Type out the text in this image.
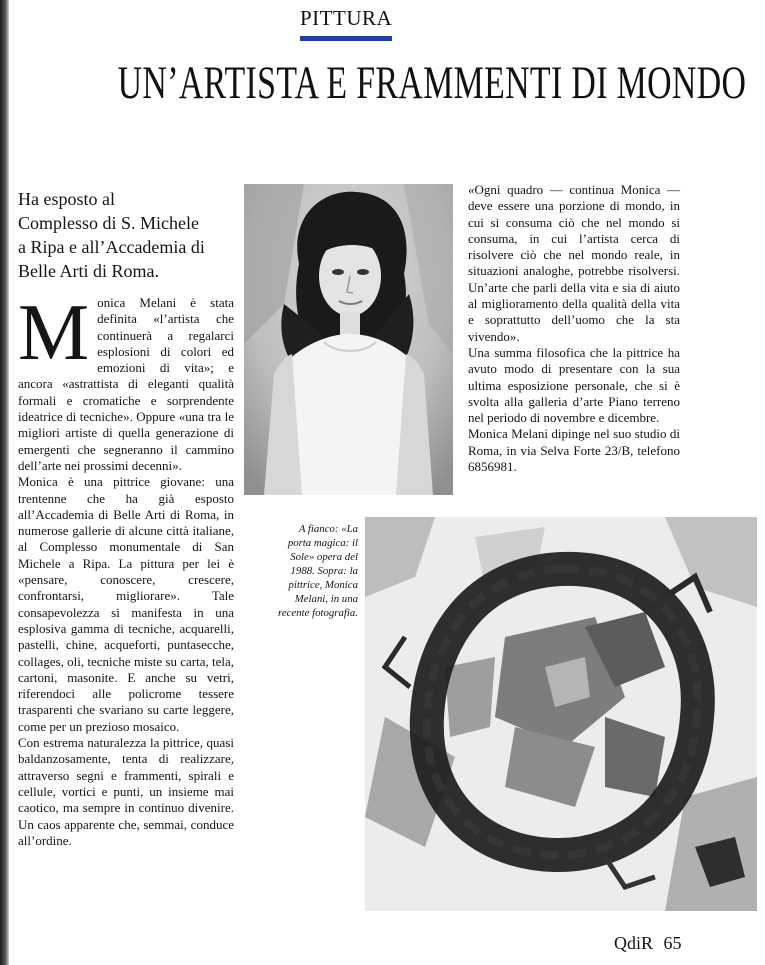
PITTURA
UN’ARTISTA E FRAMMENTI DI MONDO
Ha esposto al
Complesso di S. Michele
a Ripa e all’Accademia di
Belle Arti di Roma.
M onica Melani è stata definita «l’artista che continuerà a regalarci esplosioni di colori ed emozioni di vita»; e ancora «astrattista di eleganti qualità formali e cromatiche e sorprendente ideatrice di tecniche». Oppure «una tra le migliori artiste di quella generazione di emergenti che segneranno il cammino dell’arte nei prossimi decenni».

Monica è una pittrice giovane: una trentenne che ha già esposto all’Accademia di Belle Arti di Roma, in numerose gallerie di alcune città italiane, al Complesso monumentale di San Michele a Ripa. La pittura per lei è «pensare, conoscere, crescere, confrontarsi, migliorare». Tale consapevolezza si manifesta in una esplosiva gamma di tecniche, acquarelli, pastelli, chine, acqueforti, puntasecche, collages, oli, tecniche miste su carta, tela, cartoni, masonite. E anche su vetri, riferendoci alle policrome tessere trasparenti che svariano su carte leggere, come per un prezioso mosaico.

Con estrema naturalezza la pittrice, quasi baldanzosamente, tenta di realizzare, attraverso segni e frammenti, spirali e cellule, vortici e punti, un insieme mai caotico, ma sempre in continuo divenire. Un caos apparente che, semmai, conduce all’ordine.

«Ogni quadro — continua Monica — deve essere una porzione di mondo, in cui si consuma ciò che nel mondo si consuma, in cui l’artista cerca di risolvere ciò che nel mondo reale, in situazioni analoghe, potrebbe risolversi. Un’arte che parli della vita e sia di aiuto al miglioramento della qualità della vita e soprattutto dell’uomo che la sta vivendo».

Una summa filosofica che la pittrice ha avuto modo di presentare con la sua ultima esposizione personale, che si è svolta alla galleria d’arte Piano terreno nel periodo di novembre e dicembre.

Monica Melani dipinge nel suo studio di Roma, in via Selva Forte 23/B, telefono 6856981.

A fianco: «La porta magica: il Sole» opera del 1988. Sopra: la pittrice, Monica Melani, in una recente fotografia.
QdiR 65
